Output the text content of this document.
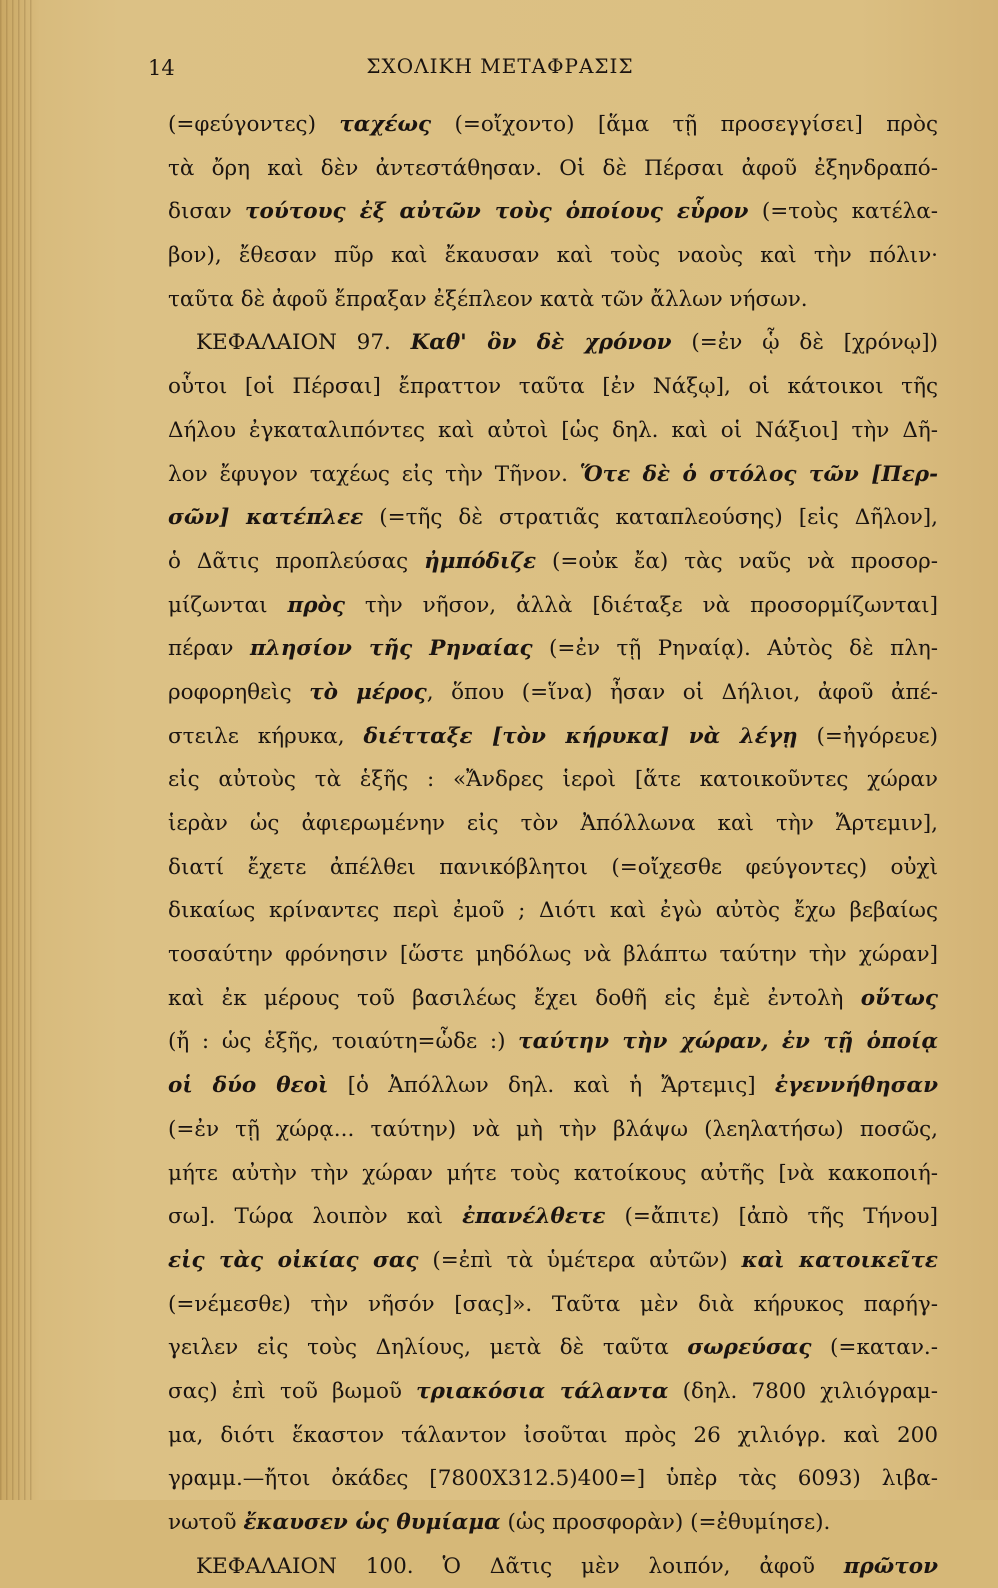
14	ΣΧΟΛΙΚΗ ΜΕΤΑΦΡΑΣΙΣ
(=φεύγοντες) ταχέως (=οἴχοντο) [ἅμα τῇ προσεγγίσει] πρὸς
τὰ ὄρη καὶ δὲν ἀντεστάθησαν. Οἱ δὲ Πέρσαι ἀφοῦ ἐξηνδραπό-
δισαν τούτους ἐξ αὐτῶν τοὺς ὁποίους εὗρον (=τοὺς κατέλα-
βον), ἔθεσαν πῦρ καὶ ἔκαυσαν καὶ τοὺς ναοὺς καὶ τὴν πόλιν·
ταῦτα δὲ ἀφοῦ ἔπραξαν ἐξέπλεον κατὰ τῶν ἄλλων νήσων.
ΚΕΦΑΛΑΙΟΝ 97. Καθ' ὃν δὲ χρόνον (=ἐν ᾧ δὲ [χρόνῳ])
οὗτοι [οἱ Πέρσαι] ἔπραττον ταῦτα [ἐν Νάξῳ], οἱ κάτοικοι τῆς
Δήλου ἐγκαταλιπόντες καὶ αὐτοὶ [ὡς δηλ. καὶ οἱ Νάξιοι] τὴν Δῆ-
λον ἔφυγον ταχέως εἰς τὴν Τῆνον. Ὅτε δὲ ὁ στόλος τῶν [Περ-
σῶν] κατέπλεε (=τῆς δὲ στρατιᾶς καταπλεούσης) [εἰς Δῆλον],
ὁ Δᾶτις προπλεύσας ἠμπόδιζε (=οὐκ ἔα) τὰς ναῦς νὰ προσορ-
μίζωνται πρὸς τὴν νῆσον, ἀλλὰ [διέταξε νὰ προσορμίζωνται]
πέραν πλησίον τῆς Ρηναίας (=ἐν τῇ Ρηναίᾳ). Αὐτὸς δὲ πλη-
ροφορηθεὶς τὸ μέρος, ὅπου (=ἵνα) ἦσαν οἱ Δήλιοι, ἀφοῦ ἀπέ-
στειλε κήρυκα, διέτταξε [τὸν κήρυκα] νὰ λέγῃ (=ἠγόρευε)
εἰς αὐτοὺς τὰ ἑξῆς : «Ἄνδρες ἱεροὶ [ἅτε κατοικοῦντες χώραν
ἱερὰν ὡς ἀφιερωμένην εἰς τὸν Ἀπόλλωνα καὶ τὴν Ἄρτεμιν],
διατί ἔχετε ἀπέλθει πανικόβλητοι (=οἴχεσθε φεύγοντες) οὐχὶ
δικαίως κρίναντες περὶ ἐμοῦ ; Διότι καὶ ἐγὼ αὐτὸς ἔχω βεβαίως
τοσαύτην φρόνησιν [ὥστε μηδόλως νὰ βλάπτω ταύτην τὴν χώραν]
καὶ ἐκ μέρους τοῦ βασιλέως ἔχει δοθῆ εἰς ἐμὲ ἐντολὴ οὕτως
(ἤ : ὡς ἑξῆς, τοιαύτη=ὧδε :) ταύτην τὴν χώραν, ἐν τῇ ὁποίᾳ
οἱ δύο θεοὶ [ὁ Ἀπόλλων δηλ. καὶ ἡ Ἄρτεμις] ἐγεννήθησαν
(=ἐν τῇ χώρᾳ... ταύτην) νὰ μὴ τὴν βλάψω (λεηλατήσω) ποσῶς,
μήτε αὐτὴν τὴν χώραν μήτε τοὺς κατοίκους αὐτῆς [νὰ κακοποιή-
σω]. Τώρα λοιπὸν καὶ ἐπανέλθετε (=ἄπιτε) [ἀπὸ τῆς Τήνου]
εἰς τὰς οἰκίας σας (=ἐπὶ τὰ ὑμέτερα αὐτῶν) καὶ κατοικεῖτε
(=νέμεσθε) τὴν νῆσόν [σας]». Ταῦτα μὲν διὰ κήρυκος παρήγ-
γειλεν εἰς τοὺς Δηλίους, μετὰ δὲ ταῦτα σωρεύσας (=καταν.-
σας) ἐπὶ τοῦ βωμοῦ τριακόσια τάλαντα (δηλ. 7800 χιλιόγραμ-
μα, διότι ἕκαστον τάλαντον ἰσοῦται πρὸς 26 χιλιόγρ. καὶ 200
γραμμ.—ἤτοι ὀκάδες [7800Χ312.5)400=] ὑπὲρ τὰς 6093) λιβα-
νωτοῦ ἔκαυσεν ὡς θυμίαμα (ὡς προσφορὰν) (=ἐθυμίησε).
ΚΕΦΑΛΑΙΟΝ 100. Ὁ Δᾶτις μὲν λοιπόν, ἀφοῦ πρῶτον
